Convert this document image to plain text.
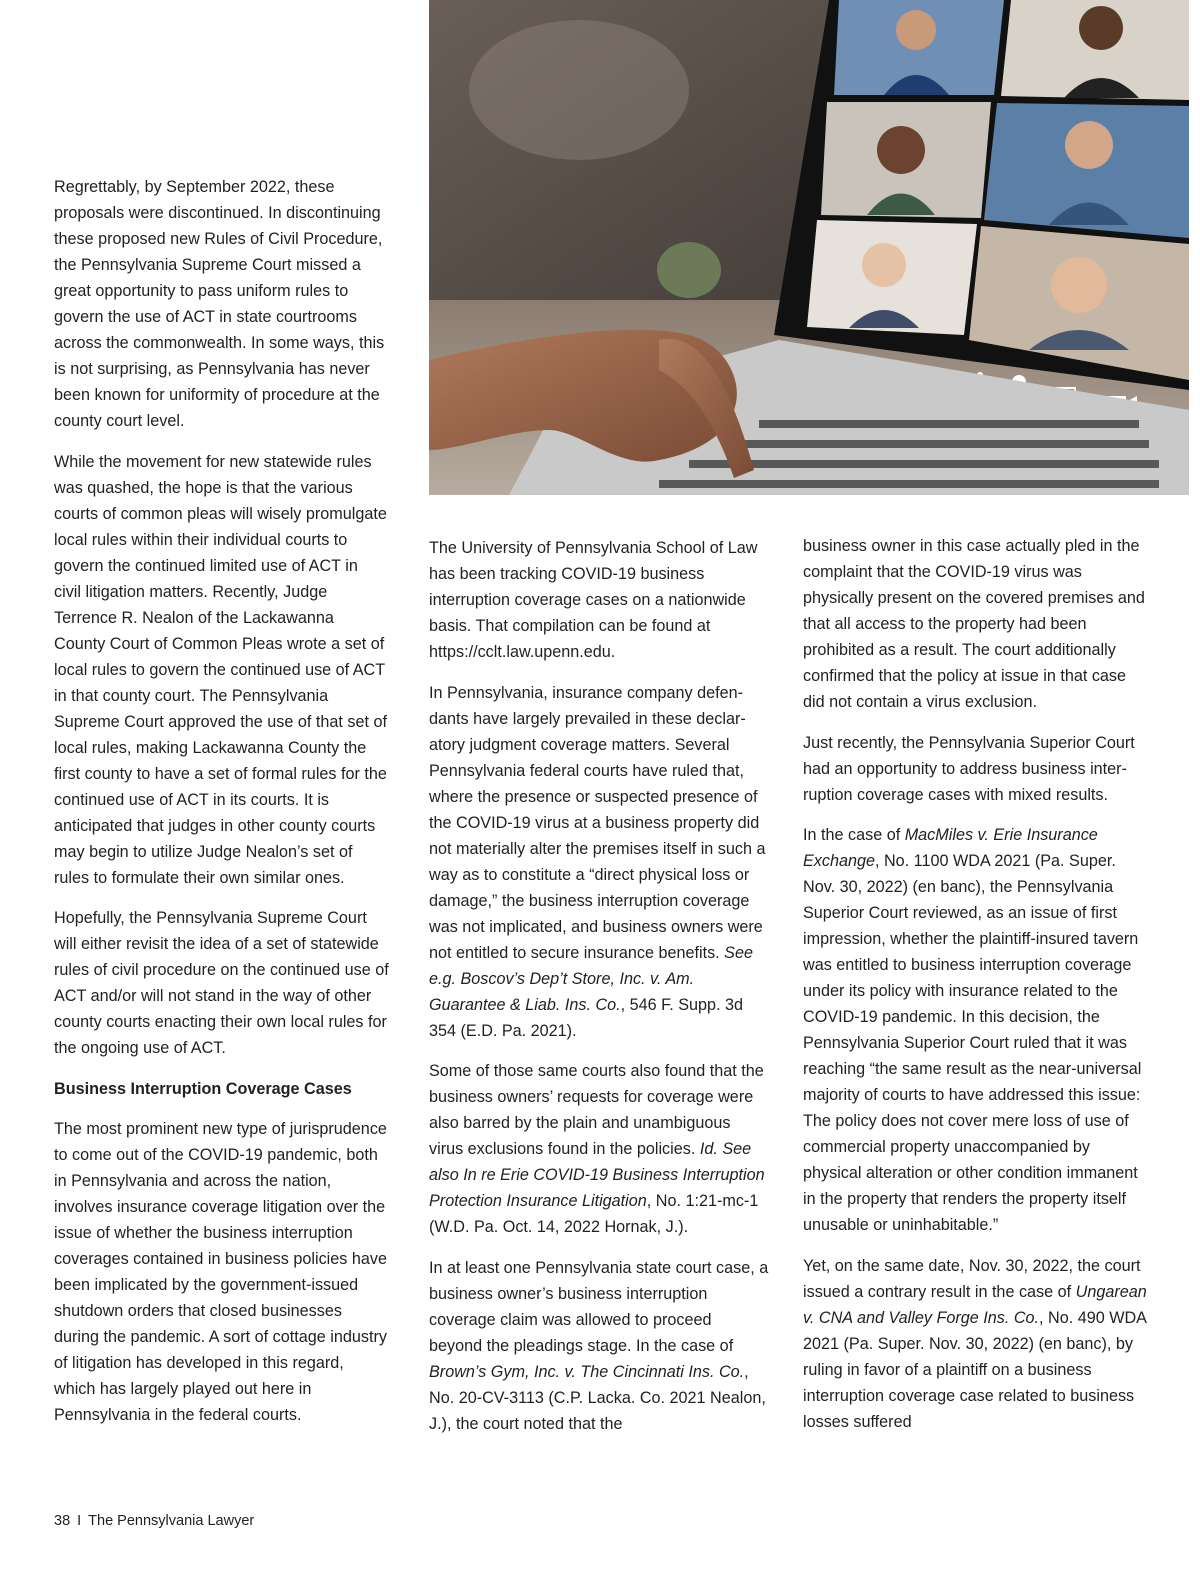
Regrettably, by September 2022, these proposals were discontinued. In discontinuing these proposed new Rules of Civil Procedure, the Pennsylvania Supreme Court missed a great opportunity to pass uniform rules to govern the use of ACT in state courtrooms across the commonwealth. In some ways, this is not surprising, as Pennsylvania has never been known for uniformity of procedure at the county court level.

While the movement for new statewide rules was quashed, the hope is that the various courts of common pleas will wisely promulgate local rules within their individual courts to govern the continued limited use of ACT in civil litigation matters. Recently, Judge Terrence R. Nealon of the Lackawanna County Court of Common Pleas wrote a set of local rules to govern the continued use of ACT in that county court. The Pennsylvania Supreme Court approved the use of that set of local rules, making Lackawanna County the first county to have a set of formal rules for the continued use of ACT in its courts. It is anticipated that judges in other county courts may begin to utilize Judge Nealon’s set of rules to formulate their own similar ones.

Hopefully, the Pennsylvania Supreme Court will either revisit the idea of a set of statewide rules of civil procedure on the continued use of ACT and/or will not stand in the way of other county courts enacting their own local rules for the ongoing use of ACT.

Business Interruption Coverage Cases

The most prominent new type of jurisprudence to come out of the COVID-19 pandemic, both in Pennsylvania and across the nation, involves insurance coverage litigation over the issue of whether the business interruption coverages contained in business policies have been implicated by the government-issued shutdown orders that closed businesses during the pandemic. A sort of cottage industry of litigation has developed in this regard, which has largely played out here in Pennsylvania in the federal courts.

The University of Pennsylvania School of Law has been tracking COVID-19 business interruption coverage cases on a nationwide basis. That compilation can be found at https://cclt.law.upenn.edu.

In Pennsylvania, insurance company defendants have largely prevailed in these declaratory judgment coverage matters. Several Pennsylvania federal courts have ruled that, where the presence or suspected presence of the COVID-19 virus at a business property did not materially alter the premises itself in such a way as to constitute a “direct physical loss or damage,” the business interruption coverage was not implicated, and business owners were not entitled to secure insurance benefits. See e.g. Boscov’s Dep’t Store, Inc. v. Am. Guarantee & Liab. Ins. Co., 546 F. Supp. 3d 354 (E.D. Pa. 2021).

Some of those same courts also found that the business owners’ requests for coverage were also barred by the plain and unambiguous virus exclusions found in the policies. Id. See also In re Erie COVID-19 Business Interruption Protection Insurance Litigation, No. 1:21-mc-1 (W.D. Pa. Oct. 14, 2022 Hornak, J.).

In at least one Pennsylvania state court case, a business owner’s business interruption coverage claim was allowed to proceed beyond the pleadings stage. In the case of Brown’s Gym, Inc. v. The Cincinnati Ins. Co., No. 20-CV-3113 (C.P. Lacka. Co. 2021 Nealon, J.), the court noted that the

business owner in this case actually pled in the complaint that the COVID-19 virus was physically present on the covered premises and that all access to the property had been prohibited as a result. The court additionally confirmed that the policy at issue in that case did not contain a virus exclusion.

Just recently, the Pennsylvania Superior Court had an opportunity to address business interruption coverage cases with mixed results.

In the case of MacMiles v. Erie Insurance Exchange, No. 1100 WDA 2021 (Pa. Super. Nov. 30, 2022) (en banc), the Pennsylvania Superior Court reviewed, as an issue of first impression, whether the plaintiff-insured tavern was entitled to business interruption coverage under its policy with insurance related to the COVID-19 pandemic. In this decision, the Pennsylvania Superior Court ruled that it was reaching “the same result as the near-universal majority of courts to have addressed this issue: The policy does not cover mere loss of use of commercial property unaccompanied by physical alteration or other condition immanent in the property that renders the property itself unusable or uninhabitable.”

Yet, on the same date, Nov. 30, 2022, the court issued a contrary result in the case of Ungarean v. CNA and Valley Forge Ins. Co., No. 490 WDA 2021 (Pa. Super. Nov. 30, 2022) (en banc), by ruling in favor of a plaintiff on a business interruption coverage case related to business losses suffered

38 I The Pennsylvania Lawyer
